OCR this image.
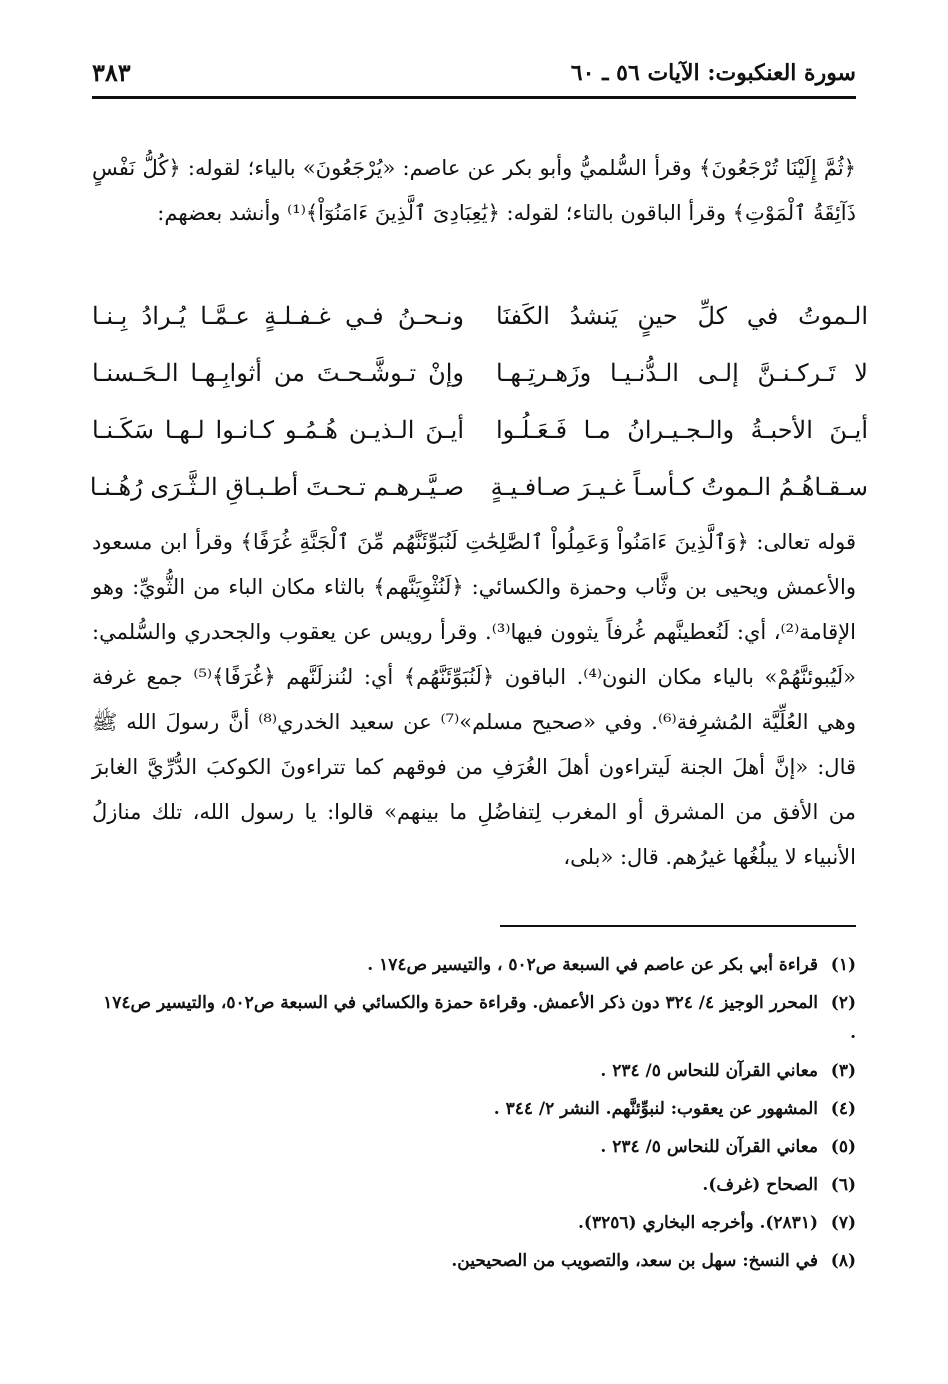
سورة العنكبوت: الآيات ٥٦ ـ ٦٠
٣٨٣

﴿ثُمَّ إِلَيْنَا تُرْجَعُونَ﴾ وقرأ السُّلميُّ وأبو بكر عن عاصم: «يُرْجَعُونَ» بالياء؛ لقوله: ﴿كُلُّ نَفْسٍ ذَآئِقَةُ ٱلْمَوْتِ﴾ وقرأ الباقون بالتاء؛ لقوله: ﴿يَٰعِبَادِىَ ٱلَّذِينَ ءَامَنُوٓاْ﴾⁽¹⁾ وأنشد بعضهم:

الـموتُ في كلِّ حينٍ يَنشدُ الكَفنَا
ونـحـنُ فـي غـفـلـةٍ عـمَّـا يُـرادُ بِـنـا
لا تَـركـنـنَّ إلـى الـدُّنـيـا وزَهـرتِـهـا
وإنْ تـوشَّـحـتَ من أثوابِـهـا الـحَـسنـا
أيـنَ الأحبـةُ والـجـيـرانُ مـا فَـعَـلُـوا
أيـنَ الـذيـن هُـمُـو كـانـوا لـهـا سَكَـنـا
سـقـاهُـمُ الـموتُ كـأسـاً غـيـرَ صـافـيـةٍ
صـيَّـرهـم تـحـتَ أطـبـاقِ الـثَّـرَى رُهُـنـا

قوله تعالى: ﴿وَٱلَّذِينَ ءَامَنُواْ وَعَمِلُواْ ٱلصَّٰلِحَٰتِ لَنُبَوِّئَنَّهُم مِّنَ ٱلْجَنَّةِ غُرَفًا﴾ وقرأ ابن مسعود والأعمش ويحيى بن وثَّاب وحمزة والكسائي: ﴿لَنُثْوِيَنَّهم﴾ بالثاء مكان الباء من الثُّويِّ: وهو الإقامة⁽²⁾، أي: لَنُعطينَّهم غُرفاً يثوون فيها⁽³⁾. وقرأ رويس عن يعقوب والجحدري والسُّلمي: «لَيُبوئنَّهُمْ» بالياء مكان النون⁽⁴⁾. الباقون ﴿لَنُبَوِّئَنَّهُم﴾ أي: لنُنزلَنَّهم ﴿غُرَفًا﴾⁽⁵⁾ جمع غرفة وهي العُلِّيَّة المُشرِفة⁽⁶⁾. وفي «صحيح مسلم»⁽⁷⁾ عن سعيد الخدري⁽⁸⁾ أنَّ رسولَ الله ﷺ قال: «إنَّ أهلَ الجنة لَيتراءون أهلَ الغُرَفِ من فوقهم كما تتراءونَ الكوكبَ الدُّرِّيَّ الغابرَ من الأفق من المشرق أو المغرب لِتفاضُلِ ما بينهم» قالوا: يا رسول الله، تلك منازلُ الأنبياء لا يبلُغُها غيرُهم. قال: «بلى،

(١)قراءة أبي بكر عن عاصم في السبعة ص٥٠٢ ، والتيسير ص١٧٤ .
(٢)المحرر الوجيز ٤/ ٣٢٤ دون ذكر الأعمش. وقراءة حمزة والكسائي في السبعة ص٥٠٢، والتيسير ص١٧٤ .
(٣)معاني القرآن للنحاس ٥/ ٢٣٤ .
(٤)المشهور عن يعقوب: لنبوِّئنَّهم. النشر ٢/ ٣٤٤ .
(٥)معاني القرآن للنحاس ٥/ ٢٣٤ .
(٦)الصحاح (غرف).
(٧)(٢٨٣١). وأخرجه البخاري (٣٢٥٦).
(٨)في النسخ: سهل بن سعد، والتصويب من الصحيحين.
